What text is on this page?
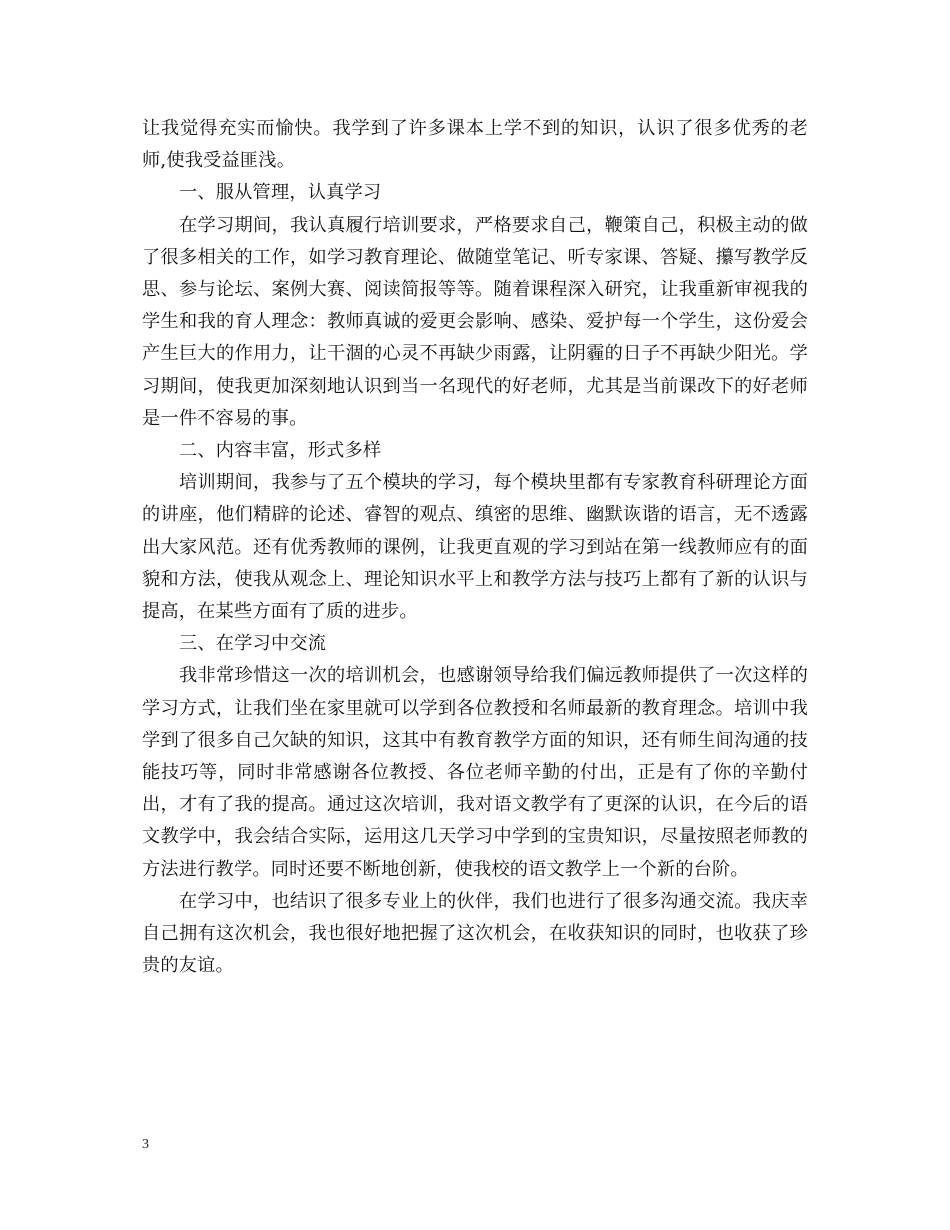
让我觉得充实而愉快。我学到了许多课本上学不到的知识，认识了很多优秀的老师,使我受益匪浅。

一、服从管理，认真学习

在学习期间，我认真履行培训要求，严格要求自己，鞭策自己，积极主动的做了很多相关的工作，如学习教育理论、做随堂笔记、听专家课、答疑、攥写教学反思、参与论坛、案例大赛、阅读简报等等。随着课程深入研究，让我重新审视我的学生和我的育人理念：教师真诚的爱更会影响、感染、爱护每一个学生，这份爱会产生巨大的作用力，让干涸的心灵不再缺少雨露，让阴霾的日子不再缺少阳光。学习期间，使我更加深刻地认识到当一名现代的好老师，尤其是当前课改下的好老师是一件不容易的事。

二、内容丰富，形式多样

培训期间，我参与了五个模块的学习，每个模块里都有专家教育科研理论方面的讲座，他们精辟的论述、睿智的观点、缜密的思维、幽默诙谐的语言，无不透露出大家风范。还有优秀教师的课例，让我更直观的学习到站在第一线教师应有的面貌和方法，使我从观念上、理论知识水平上和教学方法与技巧上都有了新的认识与提高，在某些方面有了质的进步。

三、在学习中交流

我非常珍惜这一次的培训机会，也感谢领导给我们偏远教师提供了一次这样的学习方式，让我们坐在家里就可以学到各位教授和名师最新的教育理念。培训中我学到了很多自己欠缺的知识，这其中有教育教学方面的知识，还有师生间沟通的技能技巧等，同时非常感谢各位教授、各位老师辛勤的付出，正是有了你的辛勤付出，才有了我的提高。通过这次培训，我对语文教学有了更深的认识，在今后的语文教学中，我会结合实际，运用这几天学习中学到的宝贵知识，尽量按照老师教的方法进行教学。同时还要不断地创新，使我校的语文教学上一个新的台阶。

在学习中，也结识了很多专业上的伙伴，我们也进行了很多沟通交流。我庆幸自己拥有这次机会，我也很好地把握了这次机会，在收获知识的同时，也收获了珍贵的友谊。

3
